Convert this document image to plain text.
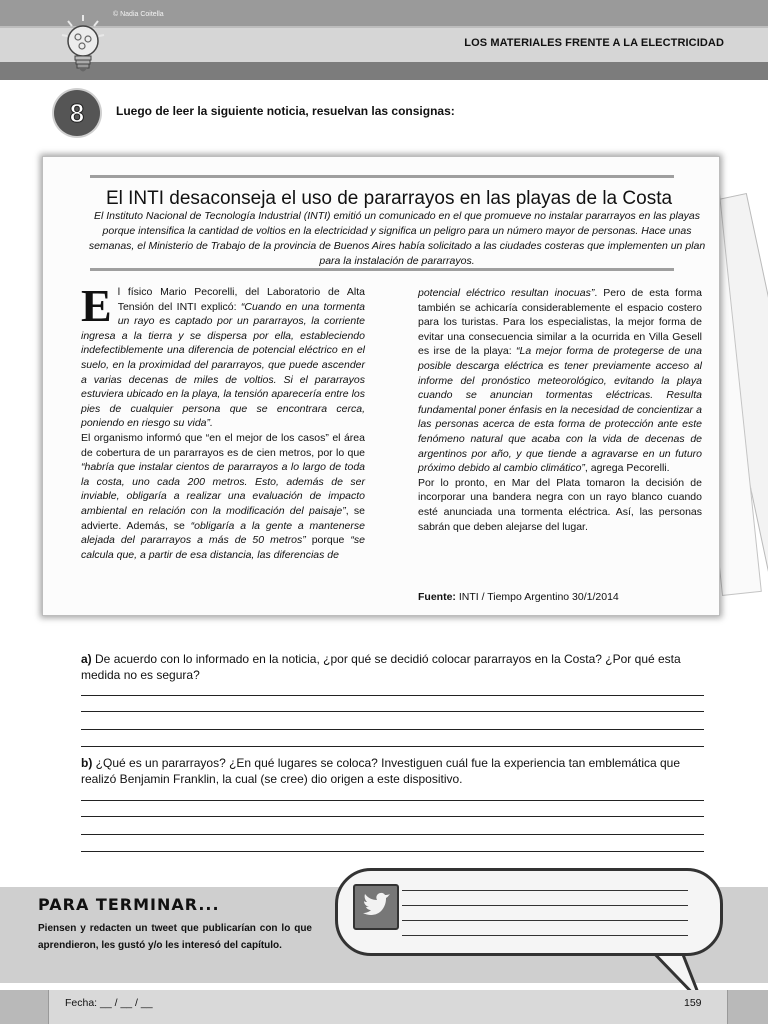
© Nadia Coitella
LOS MATERIALES FRENTE A LA ELECTRICIDAD
8	Luego de leer la siguiente noticia, resuelvan las consignas:
El INTI desaconseja el uso de pararrayos en las playas de la Costa
El Instituto Nacional de Tecnología Industrial (INTI) emitió un comunicado en el que promueve no instalar pararrayos en las playas porque intensifica la cantidad de voltios en la electricidad y significa un peligro para un número mayor de personas. Hace unas semanas, el Ministerio de Trabajo de la provincia de Buenos Aires había solicitado a las ciudades costeras que implementen un plan para la instalación de pararrayos.

El físico Mario Pecorelli, del Laboratorio de Alta Tensión del INTI explicó: “Cuando en una tormenta un rayo es captado por un pararrayos, la corriente ingresa a la tierra y se dispersa por ella, estableciendo indefectiblemente una diferencia de potencial eléctrico en el suelo, en la proximidad del pararrayos, que puede ascender a varias decenas de miles de voltios. Si el pararrayos estuviera ubicado en la playa, la tensión aparecería entre los pies de cualquier persona que se encontrara cerca, poniendo en riesgo su vida”.

El organismo informó que “en el mejor de los casos” el área de cobertura de un pararrayos es de cien metros, por lo que “habría que instalar cientos de pararrayos a lo largo de toda la costa, uno cada 200 metros. Esto, además de ser inviable, obligaría a realizar una evaluación de impacto ambiental en relación con la modificación del paisaje”, se advierte. Además, se “obligaría a la gente a mantenerse alejada del pararrayos a más de 50 metros” porque “se calcula que, a partir de esa distancia, las diferencias de

potencial eléctrico resultan inocuas”. Pero de esta forma también se achicaría considerablemente el espacio costero para los turistas. Para los especialistas, la mejor forma de evitar una consecuencia similar a la ocurrida en Villa Gesell es irse de la playa: “La mejor forma de protegerse de una posible descarga eléctrica es tener previamente acceso al informe del pronóstico meteorológico, evitando la playa cuando se anuncian tormentas eléctricas. Resulta fundamental poner énfasis en la necesidad de concientizar a las personas acerca de esta forma de protección ante este fenómeno natural que acaba con la vida de decenas de argentinos por año, y que tiende a agravarse en un futuro próximo debido al cambio climático”, agrega Pecorelli.

Por lo pronto, en Mar del Plata tomaron la decisión de incorporar una bandera negra con un rayo blanco cuando esté anunciada una tormenta eléctrica. Así, las personas sabrán que deben alejarse del lugar.

Fuente: INTI / Tiempo Argentino 30/1/2014
a) De acuerdo con lo informado en la noticia, ¿por qué se decidió colocar pararrayos en la Costa? ¿Por qué esta medida no es segura?
b) ¿Qué es un pararrayos? ¿En qué lugares se coloca? Investiguen cuál fue la experiencia tan emblemática que realizó Benjamin Franklin, la cual (se cree) dio origen a este dispositivo.
PARA TERMINAR...
Piensen y redacten un tweet que publicarían con lo que aprendieron, les gustó y/o les interesó del capítulo.
Fecha: __ / __ / __	159
